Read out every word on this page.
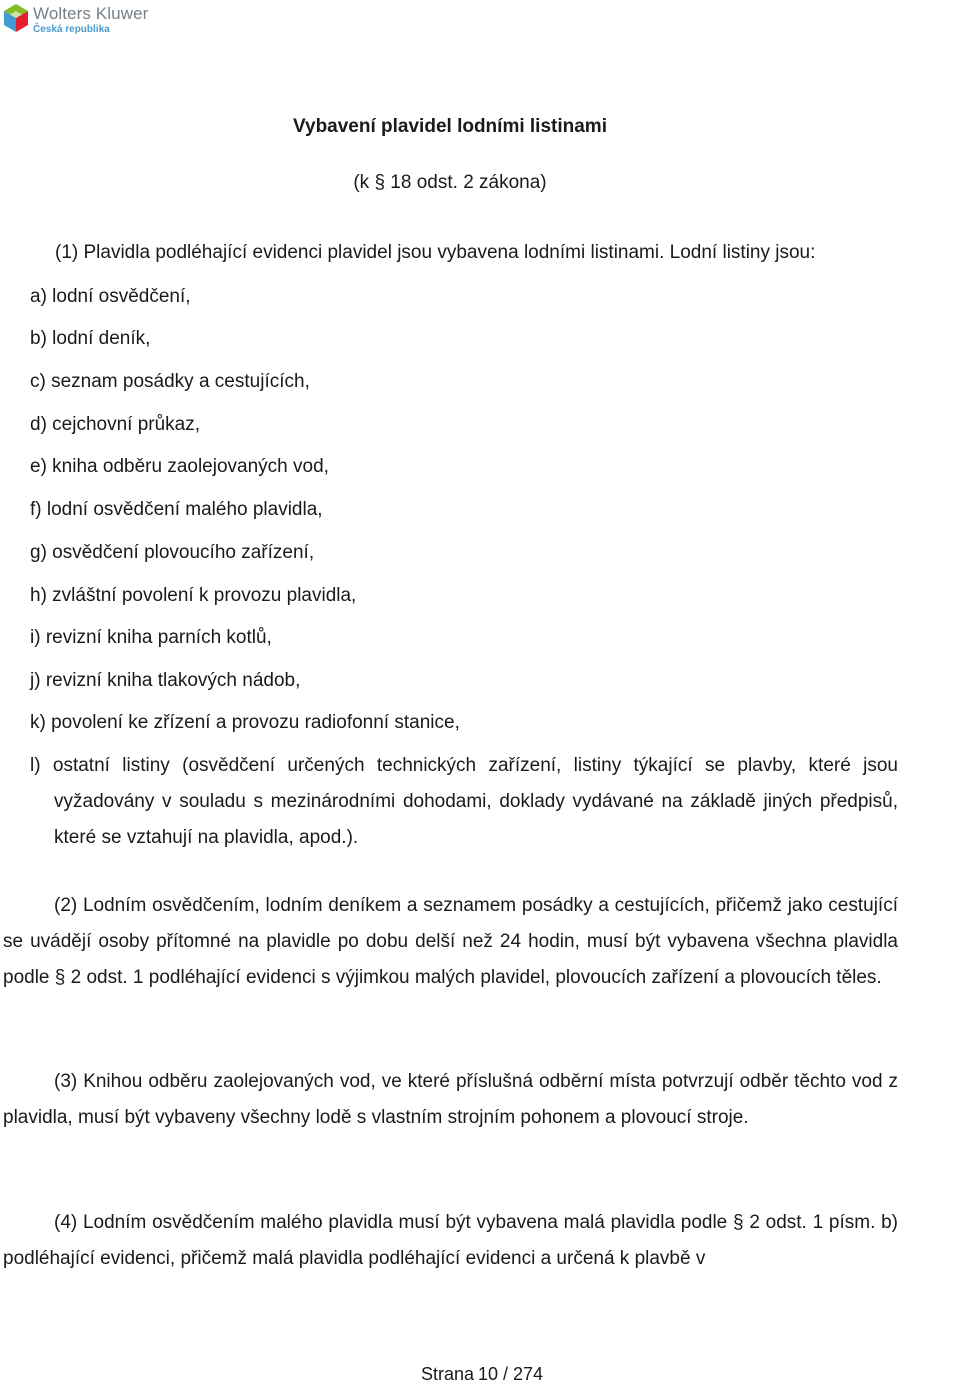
Wolters Kluwer
Česká republika
Vybavení plavidel lodními listinami
(k § 18 odst. 2 zákona)
(1) Plavidla podléhající evidenci plavidel jsou vybavena lodními listinami. Lodní listiny jsou:
a) lodní osvědčení,
b) lodní deník,
c) seznam posádky a cestujících,
d) cejchovní průkaz,
e) kniha odběru zaolejovaných vod,
f) lodní osvědčení malého plavidla,
g) osvědčení plovoucího zařízení,
h) zvláštní povolení k provozu plavidla,
i) revizní kniha parních kotlů,
j) revizní kniha tlakových nádob,
k) povolení ke zřízení a provozu radiofonní stanice,
l) ostatní listiny (osvědčení určených technických zařízení, listiny týkající se plavby, které jsou vyžadovány v souladu s mezinárodními dohodami, doklady vydávané na základě jiných předpisů, které se vztahují na plavidla, apod.).
(2) Lodním osvědčením, lodním deníkem a seznamem posádky a cestujících, přičemž jako cestující se uvádějí osoby přítomné na plavidle po dobu delší než 24 hodin, musí být vybavena všechna plavidla podle § 2 odst. 1 podléhající evidenci s výjimkou malých plavidel, plovoucích zařízení a plovoucích těles.
(3) Knihou odběru zaolejovaných vod, ve které příslušná odběrní místa potvrzují odběr těchto vod z plavidla, musí být vybaveny všechny lodě s vlastním strojním pohonem a plovoucí stroje.
(4) Lodním osvědčením malého plavidla musí být vybavena malá plavidla podle § 2 odst. 1 písm. b) podléhající evidenci, přičemž malá plavidla podléhající evidenci a určená k plavbě v
Strana 10 / 274
